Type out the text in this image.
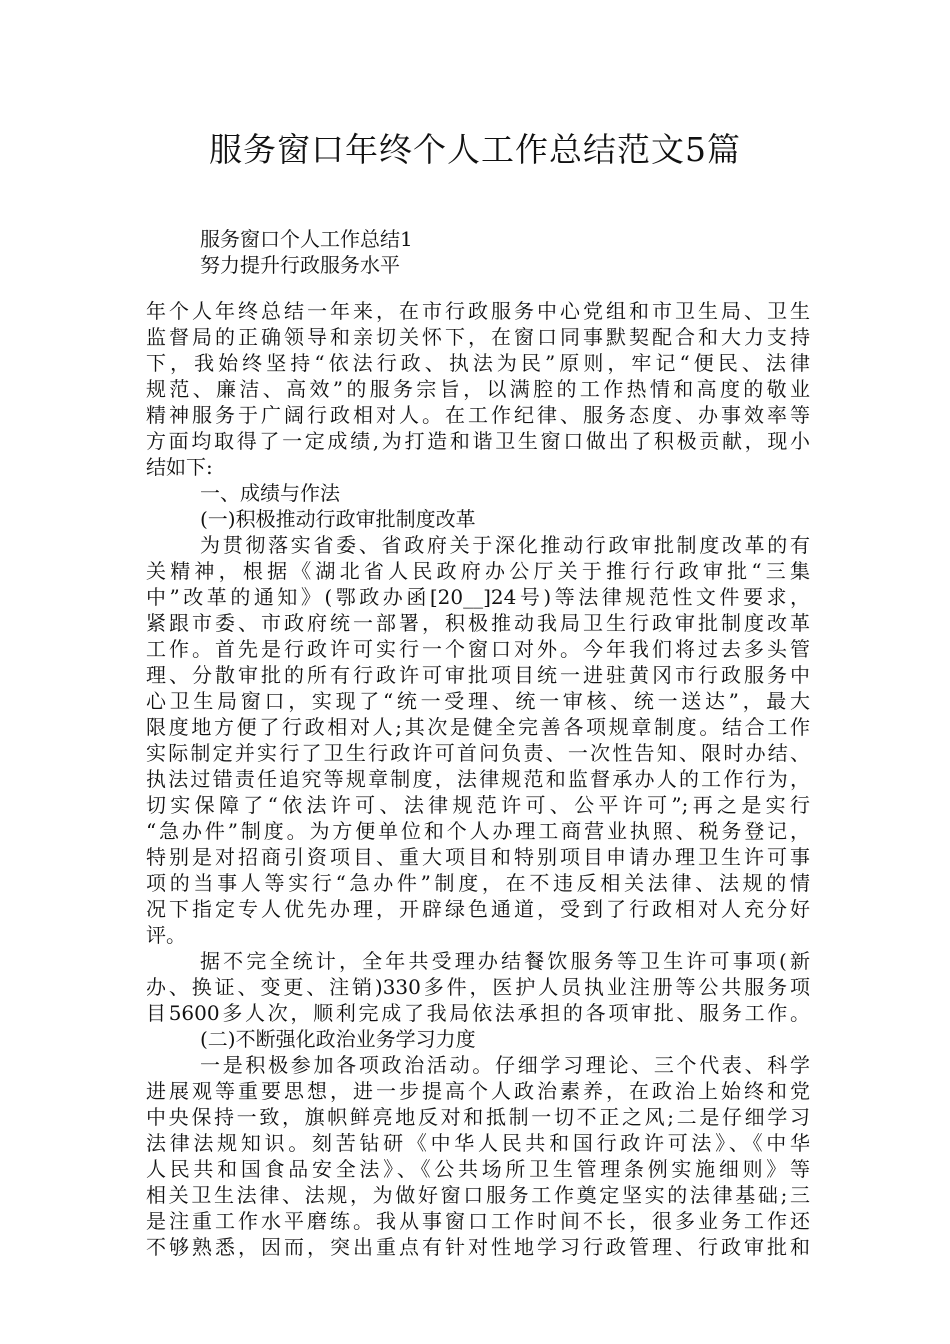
服务窗口年终个人工作总结范文5篇
服务窗口个人工作总结1
努力提升行政服务水平
年个人年终总结一年来，在市行政服务中心党组和市卫生局、卫生
监督局的正确领导和亲切关怀下，在窗口同事默契配合和大力支持
下，我始终坚持“依法行政、执法为民”原则，牢记“便民、法律
规范、廉洁、高效”的服务宗旨，以满腔的工作热情和高度的敬业
精神服务于广阔行政相对人。在工作纪律、服务态度、办事效率等
方面均取得了一定成绩,为打造和谐卫生窗口做出了积极贡献，现小
结如下:
一、成绩与作法
(一)积极推动行政审批制度改革
为贯彻落实省委、省政府关于深化推动行政审批制度改革的有
关精神，根据《湖北省人民政府办公厅关于推行行政审批“三集
中”改革的通知》(鄂政办函[20__]24号)等法律规范性文件要求，
紧跟市委、市政府统一部署，积极推动我局卫生行政审批制度改革
工作。首先是行政许可实行一个窗口对外。今年我们将过去多头管
理、分散审批的所有行政许可审批项目统一进驻黄冈市行政服务中
心卫生局窗口，实现了“统一受理、统一审核、统一送达”，最大
限度地方便了行政相对人;其次是健全完善各项规章制度。结合工作
实际制定并实行了卫生行政许可首问负责、一次性告知、限时办结、
执法过错责任追究等规章制度，法律规范和监督承办人的工作行为，
切实保障了“依法许可、法律规范许可、公平许可”;再之是实行
“急办件”制度。为方便单位和个人办理工商营业执照、税务登记，
特别是对招商引资项目、重大项目和特别项目申请办理卫生许可事
项的当事人等实行“急办件”制度，在不违反相关法律、法规的情
况下指定专人优先办理，开辟绿色通道，受到了行政相对人充分好
评。
据不完全统计，全年共受理办结餐饮服务等卫生许可事项(新
办、换证、变更、注销)330多件，医护人员执业注册等公共服务项
目5600多人次，顺利完成了我局依法承担的各项审批、服务工作。
(二)不断强化政治业务学习力度
一是积极参加各项政治活动。仔细学习理论、三个代表、科学
进展观等重要思想，进一步提高个人政治素养，在政治上始终和党
中央保持一致，旗帜鲜亮地反对和抵制一切不正之风;二是仔细学习
法律法规知识。刻苦钻研《中华人民共和国行政许可法》、《中华
人民共和国食品安全法》、《公共场所卫生管理条例实施细则》等
相关卫生法律、法规，为做好窗口服务工作奠定坚实的法律基础;三
是注重工作水平磨练。我从事窗口工作时间不长，很多业务工作还
不够熟悉，因而，突出重点有针对性地学习行政管理、行政审批和
